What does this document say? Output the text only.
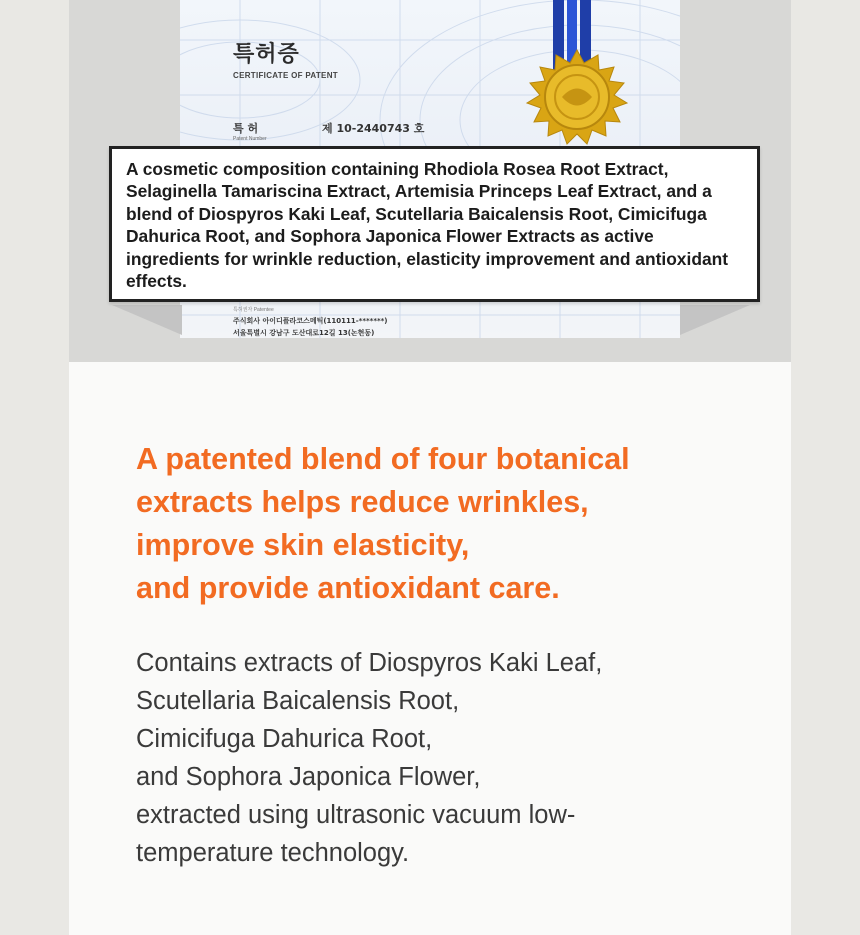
특허증
CERTIFICATE OF PATENT
특 허
Patent Number
제 10-2440743 호
특허권자 Patentee
주식회사 아이디플라코스메틱(110111-*******)
서울특별시 강남구 도산대로12길 13(논현동)

A cosmetic composition containing Rhodiola Rosea Root Extract, Selaginella Tamariscina Extract, Artemisia Princeps Leaf Extract, and a blend of Diospyros Kaki Leaf, Scutellaria Baicalensis Root, Cimicifuga Dahurica Root, and Sophora Japonica Flower Extracts as active ingredients for wrinkle reduction, elasticity improvement and antioxidant effects.

A patented blend of four botanical
extracts helps reduce wrinkles,
improve skin elasticity,
and provide antioxidant care.

Contains extracts of Diospyros Kaki Leaf,
Scutellaria Baicalensis Root,
Cimicifuga Dahurica Root,
and Sophora Japonica Flower,
extracted using ultrasonic vacuum low-
temperature technology.
